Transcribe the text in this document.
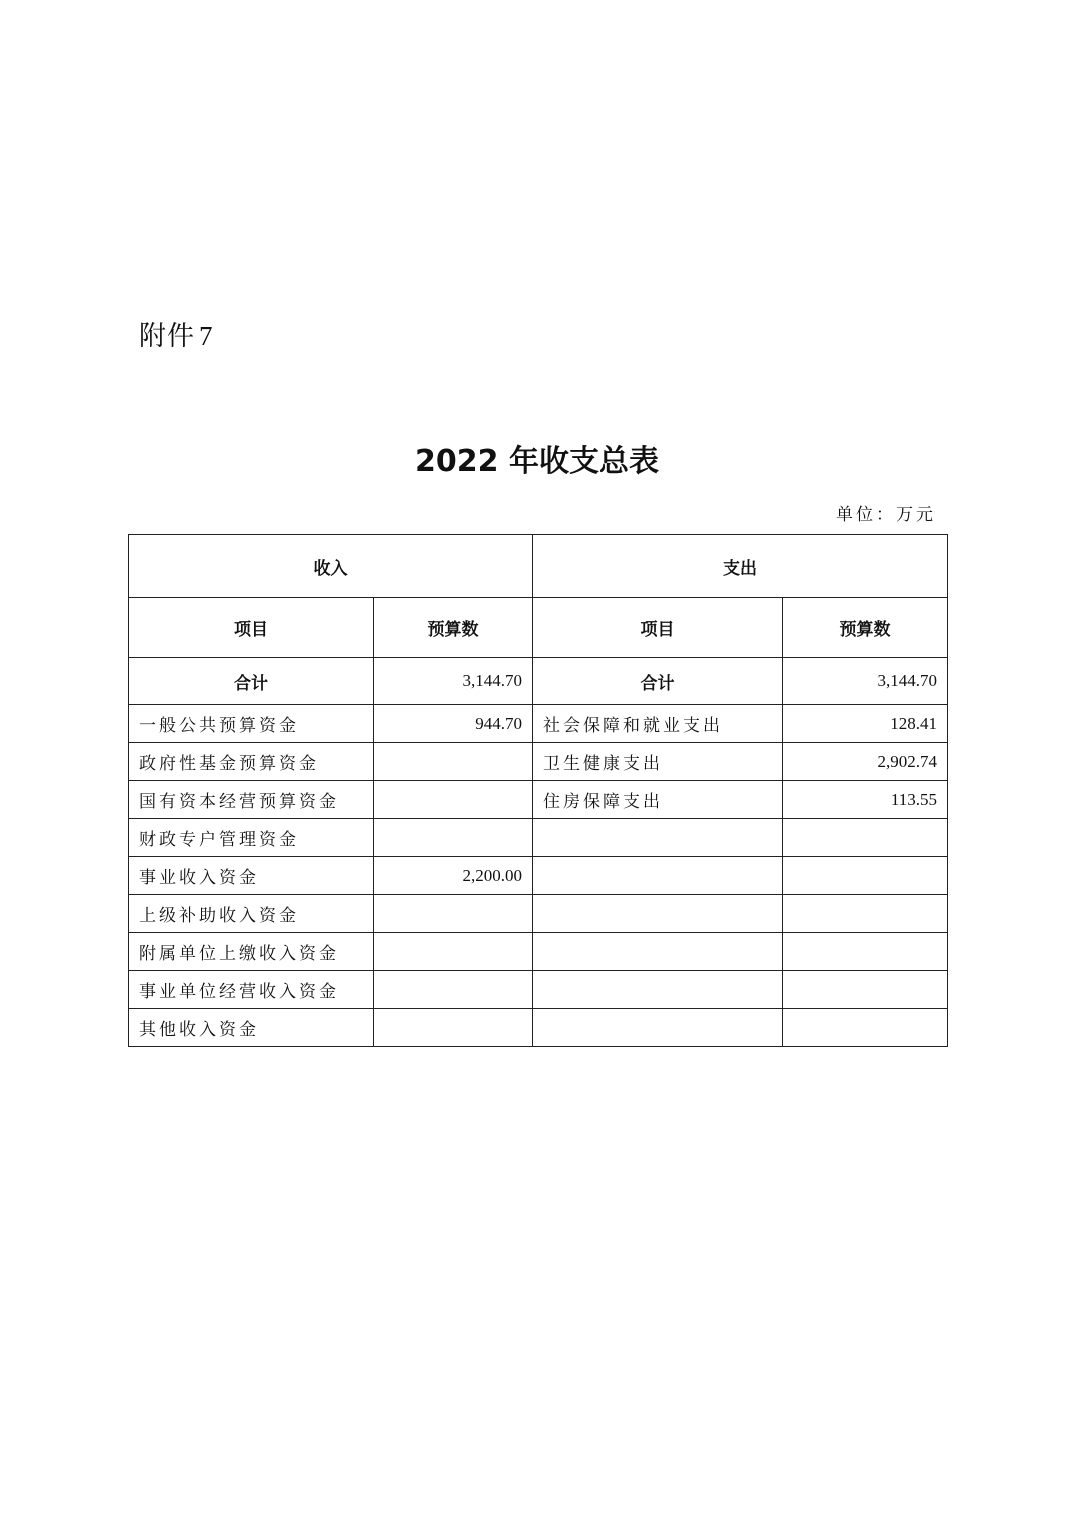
附件 7
2022 年收支总表
单位：万元
收入		支出	
项目	预算数	项目	预算数
合计	3,144.70	合计	3,144.70
一般公共预算资金	944.70	社会保障和就业支出	128.41
政府性基金预算资金		卫生健康支出	2,902.74
国有资本经营预算资金		住房保障支出	113.55
财政专户管理资金			
事业收入资金	2,200.00		
上级补助收入资金			
附属单位上缴收入资金			
事业单位经营收入资金			
其他收入资金			
